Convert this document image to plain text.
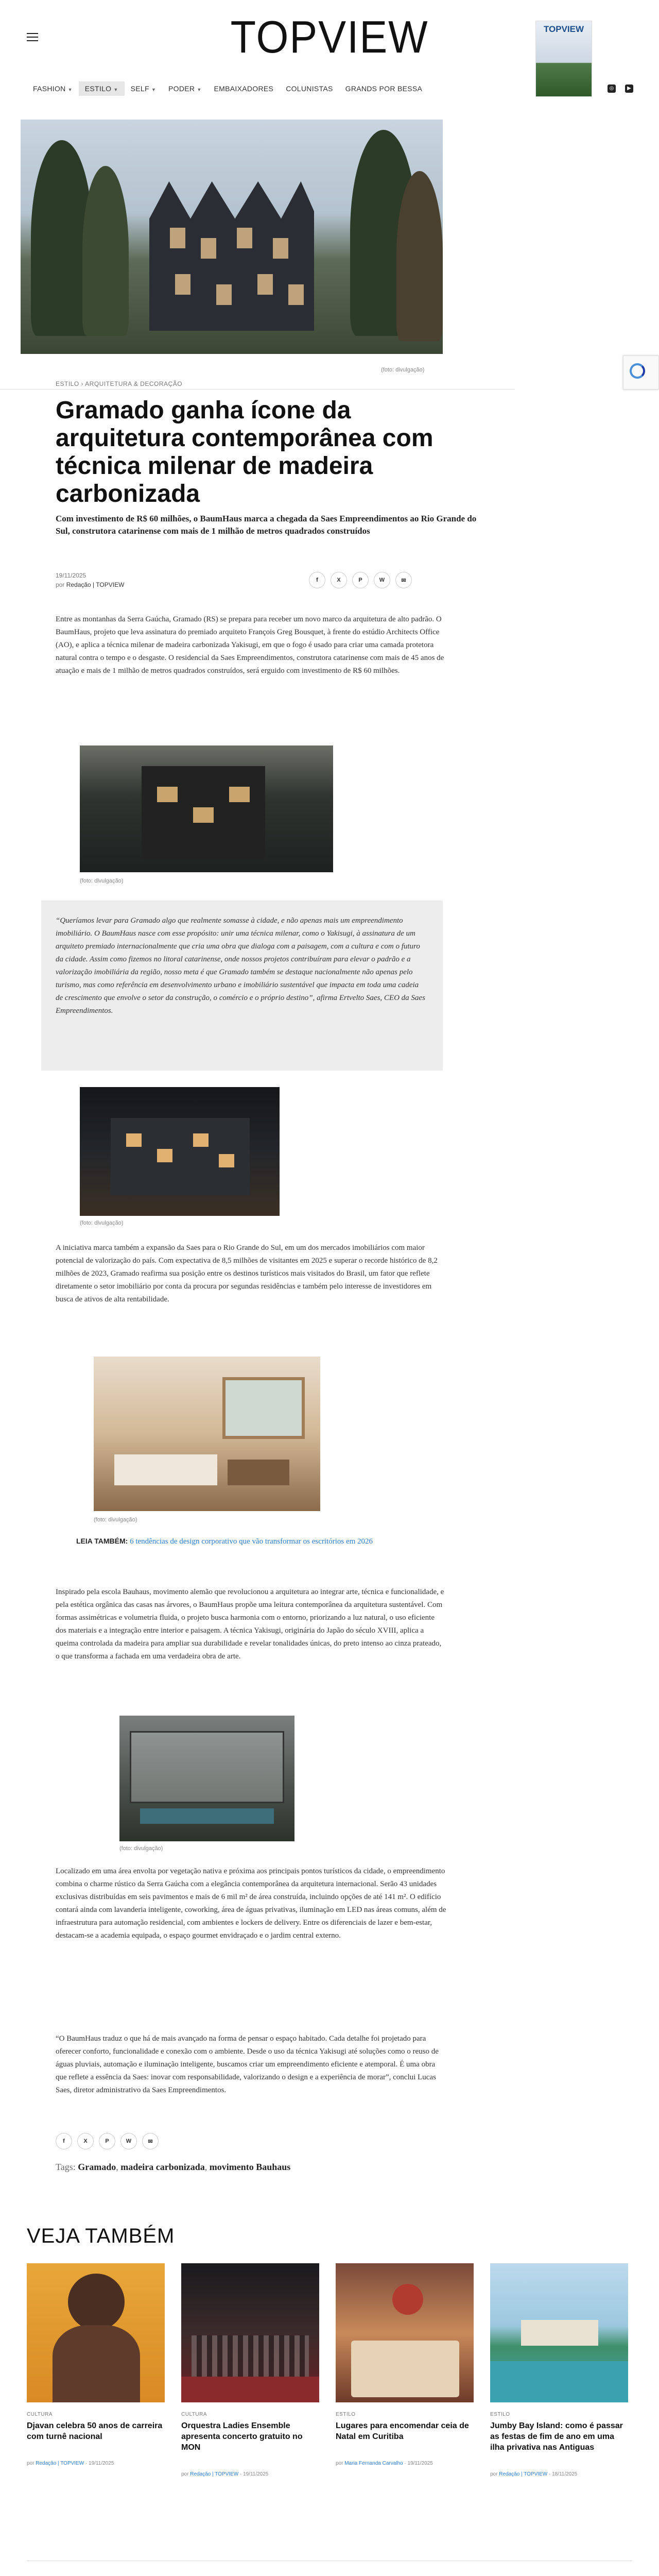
TOPVIEW	TOPVIEW
FASHION ▼	ESTILO ▼	SELF ▼	PODER ▼	EMBAIXADORES	COLUNISTAS	GRANDS POR BESSA	◎	▶
(foto: divulgação)
ESTILO › ARQUITETURA & DECORAÇÃO
Gramado ganha ícone da arquitetura contemporânea com técnica milenar de madeira carbonizada
Com investimento de R$ 60 milhões, o BaumHaus marca a chegada da Saes Empreendimentos ao Rio Grande do Sul, construtora catarinense com mais de 1 milhão de metros quadrados construídos
19/11/2025
por Redação | TOPVIEW
f	X	P	W	✉
Entre as montanhas da Serra Gaúcha, Gramado (RS) se prepara para receber um novo marco da arquitetura de alto padrão. O BaumHaus, projeto que leva assinatura do premiado arquiteto François Greg Bousquet, à frente do estúdio Architects Office (AO), e aplica a técnica milenar de madeira carbonizada Yakisugi, em que o fogo é usado para criar uma camada protetora natural contra o tempo e o desgaste. O residencial da Saes Empreendimentos, construtora catarinense com mais de 45 anos de atuação e mais de 1 milhão de metros quadrados construídos, será erguido com investimento de R$ 60 milhões.
(foto: divulgação)
“Queríamos levar para Gramado algo que realmente somasse à cidade, e não apenas mais um empreendimento imobiliário. O BaumHaus nasce com esse propósito: unir uma técnica milenar, como o Yakisugi, à assinatura de um arquiteto premiado internacionalmente que cria uma obra que dialoga com a paisagem, com a cultura e com o futuro da cidade. Assim como fizemos no litoral catarinense, onde nossos projetos contribuíram para elevar o padrão e a valorização imobiliária da região, nosso meta é que Gramado também se destaque nacionalmente não apenas pelo turismo, mas como referência em desenvolvimento urbano e imobiliário sustentável que impacta em toda uma cadeia de crescimento que envolve o setor da construção, o comércio e o próprio destino”, afirma Ertvelto Saes, CEO da Saes Empreendimentos.
(foto: divulgação)
A iniciativa marca também a expansão da Saes para o Rio Grande do Sul, em um dos mercados imobiliários com maior potencial de valorização do país. Com expectativa de 8,5 milhões de visitantes em 2025 e superar o recorde histórico de 8,2 milhões de 2023, Gramado reafirma sua posição entre os destinos turísticos mais visitados do Brasil, um fator que reflete diretamente o setor imobiliário por conta da procura por segundas residências e também pelo interesse de investidores em busca de ativos de alta rentabilidade.
(foto: divulgação)
LEIA TAMBÉM: 6 tendências de design corporativo que vão transformar os escritórios em 2026
Inspirado pela escola Bauhaus, movimento alemão que revolucionou a arquitetura ao integrar arte, técnica e funcionalidade, e pela estética orgânica das casas nas árvores, o BaumHaus propõe uma leitura contemporânea da arquitetura sustentável. Com formas assimétricas e volumetria fluida, o projeto busca harmonia com o entorno, priorizando a luz natural, o uso eficiente dos materiais e a integração entre interior e paisagem. A técnica Yakisugi, originária do Japão do século XVIII, aplica a queima controlada da madeira para ampliar sua durabilidade e revelar tonalidades únicas, do preto intenso ao cinza prateado, o que transforma a fachada em uma verdadeira obra de arte.
(foto: divulgação)
Localizado em uma área envolta por vegetação nativa e próxima aos principais pontos turísticos da cidade, o empreendimento combina o charme rústico da Serra Gaúcha com a elegância contemporânea da arquitetura internacional. Serão 43 unidades exclusivas distribuídas em seis pavimentos e mais de 6 mil m² de área construída, incluindo opções de até 141 m². O edifício contará ainda com lavanderia inteligente, coworking, área de águas privativas, iluminação em LED nas áreas comuns, além de infraestrutura para automação residencial, com ambientes e lockers de delivery. Entre os diferenciais de lazer e bem-estar, destacam-se a academia equipada, o espaço gourmet envidraçado e o jardim central externo.
“O BaumHaus traduz o que há de mais avançado na forma de pensar o espaço habitado. Cada detalhe foi projetado para oferecer conforto, funcionalidade e conexão com o ambiente. Desde o uso da técnica Yakisugi até soluções como o reuso de águas pluviais, automação e iluminação inteligente, buscamos criar um empreendimento eficiente e atemporal. É uma obra que reflete a essência da Saes: inovar com responsabilidade, valorizando o design e a experiência de morar”, conclui Lucas Saes, diretor administrativo da Saes Empreendimentos.
f	X	P	W	✉
Tags: Gramado, madeira carbonizada, movimento Bauhaus
VEJA TAMBÉM
CULTURA
Djavan celebra 50 anos de carreira com turnê nacional
por Redação | TOPVIEW · 19/11/2025
CULTURA
Orquestra Ladies Ensemble apresenta concerto gratuito no MON
por Redação | TOPVIEW · 19/11/2025
ESTILO
Lugares para encomendar ceia de Natal em Curitiba
por Maria Fernanda Carvalho · 19/11/2025
ESTILO
Jumby Bay Island: como é passar as festas de fim de ano em uma ilha privativa nas Antiguas
por Redação | TOPVIEW · 18/11/2025
